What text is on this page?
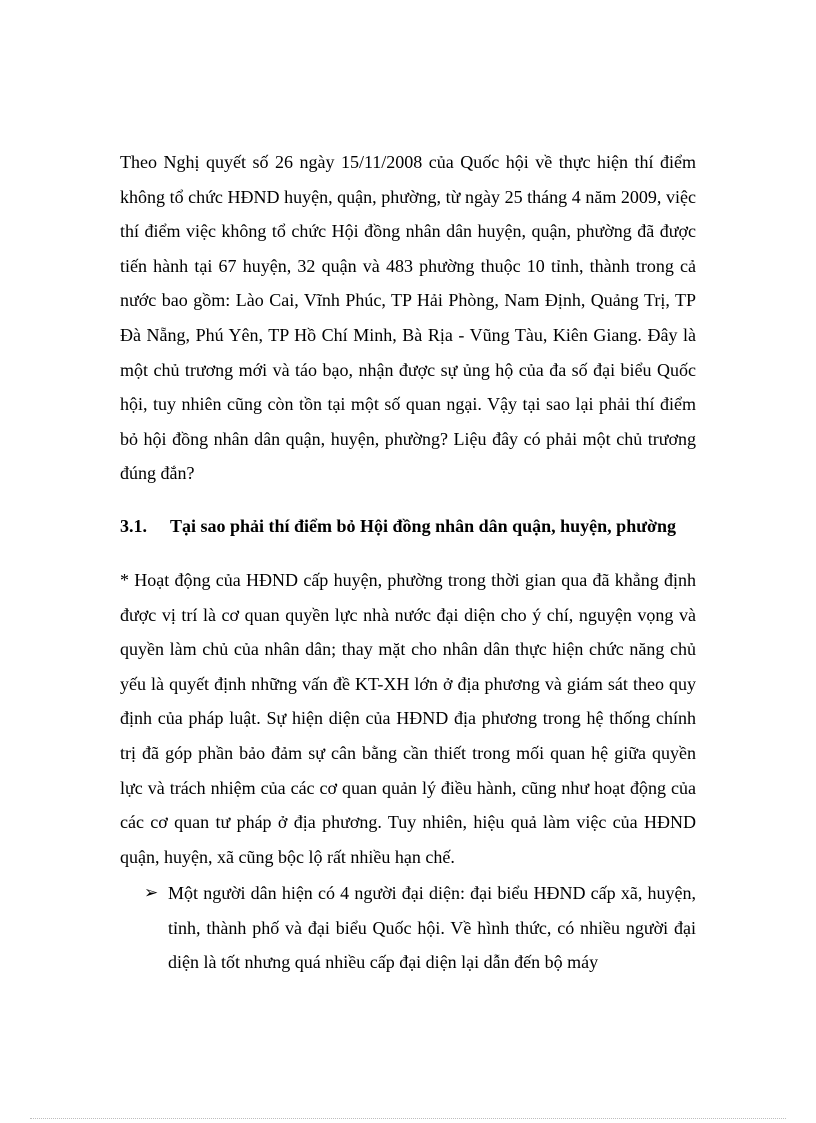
Theo Nghị quyết số 26 ngày 15/11/2008 của Quốc hội về thực hiện thí điểm không tổ chức HĐND huyện, quận, phường, từ ngày 25 tháng 4 năm 2009, việc thí điểm việc không tổ chức Hội đồng nhân dân huyện, quận, phường đã được tiến hành tại 67 huyện, 32 quận và 483 phường thuộc 10 tỉnh, thành trong cả nước bao gồm: Lào Cai, Vĩnh Phúc, TP Hải Phòng, Nam Định, Quảng Trị, TP Đà Nẵng, Phú Yên, TP Hồ Chí Minh, Bà Rịa - Vũng Tàu, Kiên Giang. Đây là một chủ trương mới và táo bạo, nhận được sự ủng hộ của đa số đại biểu Quốc hội, tuy nhiên cũng còn tồn tại một số quan ngại. Vậy tại sao lại phải thí điểm bỏ hội đồng nhân dân quận, huyện, phường? Liệu đây có phải một chủ trương đúng đắn?

3.1. Tại sao phải thí điểm bỏ Hội đồng nhân dân quận, huyện, phường

* Hoạt động của HĐND cấp huyện, phường trong thời gian qua đã khẳng định được vị trí là cơ quan quyền lực nhà nước đại diện cho ý chí, nguyện vọng và quyền làm chủ của nhân dân; thay mặt cho nhân dân thực hiện chức năng chủ yếu là quyết định những vấn đề KT-XH lớn ở địa phương và giám sát theo quy định của pháp luật. Sự hiện diện của HĐND địa phương trong hệ thống chính trị đã góp phần bảo đảm sự cân bằng cần thiết trong mối quan hệ giữa quyền lực và trách nhiệm của các cơ quan quản lý điều hành, cũng như hoạt động của các cơ quan tư pháp ở địa phương. Tuy nhiên, hiệu quả làm việc của HĐND quận, huyện, xã cũng bộc lộ rất nhiều hạn chế.

➢ Một người dân hiện có 4 người đại diện: đại biểu HĐND cấp xã, huyện, tỉnh, thành phố và đại biểu Quốc hội. Về hình thức, có nhiều người đại diện là tốt nhưng quá nhiều cấp đại diện lại dẫn đến bộ máy
